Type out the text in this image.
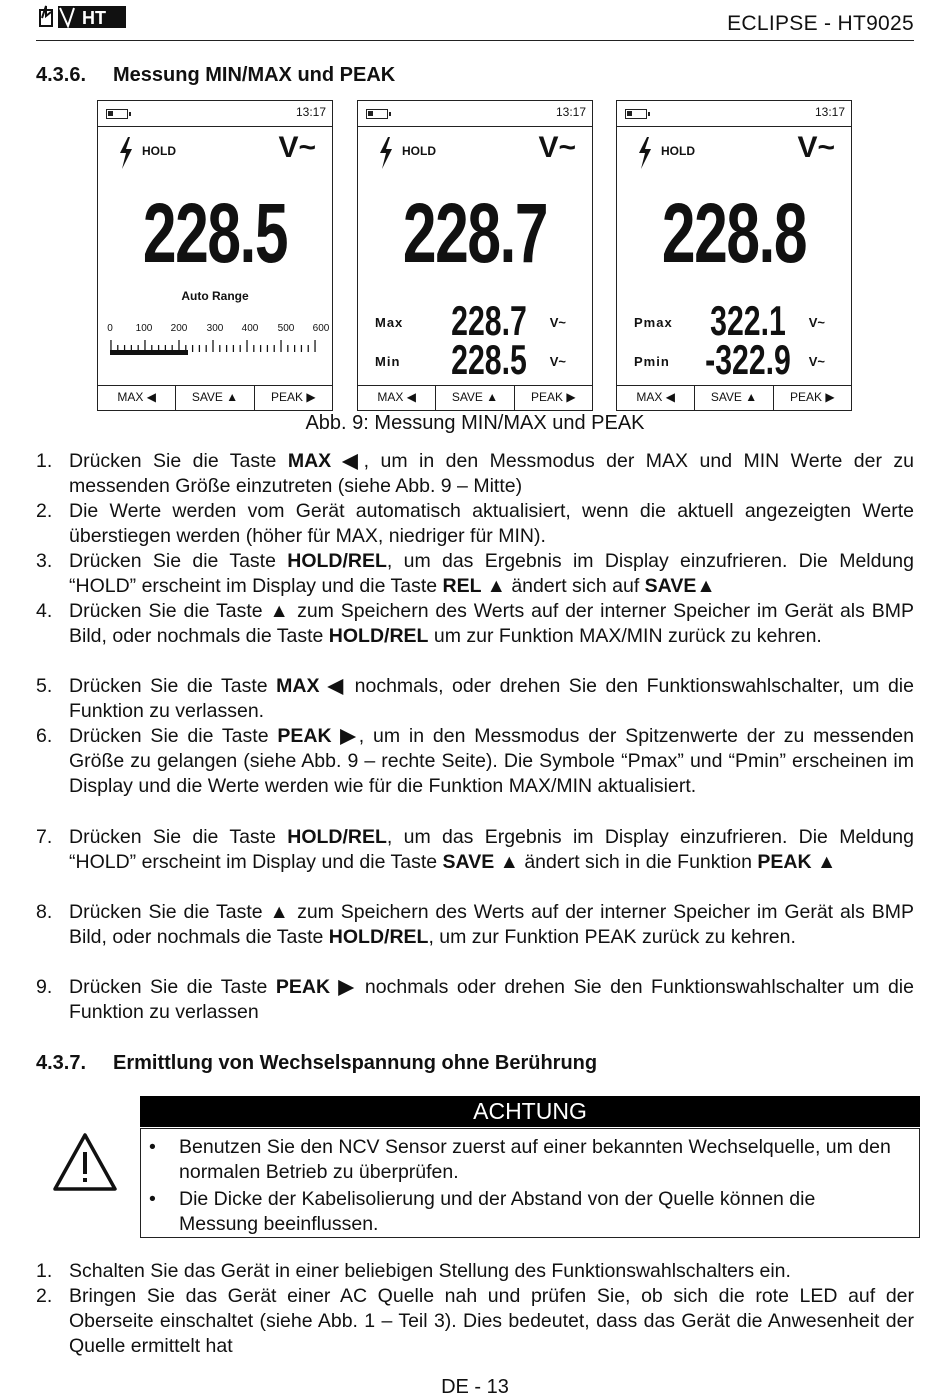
HT	ECLIPSE - HT9025
4.3.6. Messung MIN/MAX und PEAK
13:17
HOLD	V~
228.5
Auto Range
0 100 200 300 400 500 600
MAX ◀	SAVE ▲	PEAK ▶
13:17
HOLD	V~
228.7
Max 228.7	V~
Min 228.5	V~
MAX ◀	SAVE ▲	PEAK ▶
13:17
HOLD	V~
228.8
Pmax 322.1	V~
Pmin -322.9	V~
MAX ◀	SAVE ▲	PEAK ▶
Abb. 9: Messung MIN/MAX und PEAK
1. Drücken Sie die Taste MAX ◀, um in den Messmodus der MAX und MIN Werte der zu messenden Größe einzutreten (siehe Abb. 9 – Mitte)
2. Die Werte werden vom Gerät automatisch aktualisiert, wenn die aktuell angezeigten Werte überstiegen werden (höher für MAX, niedriger für MIN).
3. Drücken Sie die Taste HOLD/REL, um das Ergebnis im Display einzufrieren. Die Meldung “HOLD” erscheint im Display und die Taste REL ▲ ändert sich auf SAVE▲
4. Drücken Sie die Taste ▲ zum Speichern des Werts auf der interner Speicher im Gerät als BMP Bild, oder nochmals die Taste HOLD/REL um zur Funktion MAX/MIN zurück zu kehren.
5. Drücken Sie die Taste MAX ◀ nochmals, oder drehen Sie den Funktionswahlschalter, um die Funktion zu verlassen.
6. Drücken Sie die Taste PEAK ▶, um in den Messmodus der Spitzenwerte der zu messenden Größe zu gelangen (siehe Abb. 9 – rechte Seite). Die Symbole “Pmax” und “Pmin” erscheinen im Display und die Werte werden wie für die Funktion MAX/MIN aktualisiert.
7. Drücken Sie die Taste HOLD/REL, um das Ergebnis im Display einzufrieren. Die Meldung “HOLD” erscheint im Display und die Taste SAVE ▲ ändert sich in die Funktion PEAK ▲
8. Drücken Sie die Taste ▲ zum Speichern des Werts auf der interner Speicher im Gerät als BMP Bild, oder nochmals die Taste HOLD/REL, um zur Funktion PEAK zurück zu kehren.
9. Drücken Sie die Taste PEAK ▶ nochmals oder drehen Sie den Funktionswahlschalter um die Funktion zu verlassen
4.3.7. Ermittlung von Wechselspannung ohne Berührung
ACHTUNG
• Benutzen Sie den NCV Sensor zuerst auf einer bekannten Wechselquelle, um den normalen Betrieb zu überprüfen.
• Die Dicke der Kabelisolierung und der Abstand von der Quelle können die Messung beeinflussen.
1. Schalten Sie das Gerät in einer beliebigen Stellung des Funktionswahlschalters ein.
2. Bringen Sie das Gerät einer AC Quelle nah und prüfen Sie, ob sich die rote LED auf der Oberseite einschaltet (siehe Abb. 1 – Teil 3). Dies bedeutet, dass das Gerät die Anwesenheit der Quelle ermittelt hat
DE - 13
